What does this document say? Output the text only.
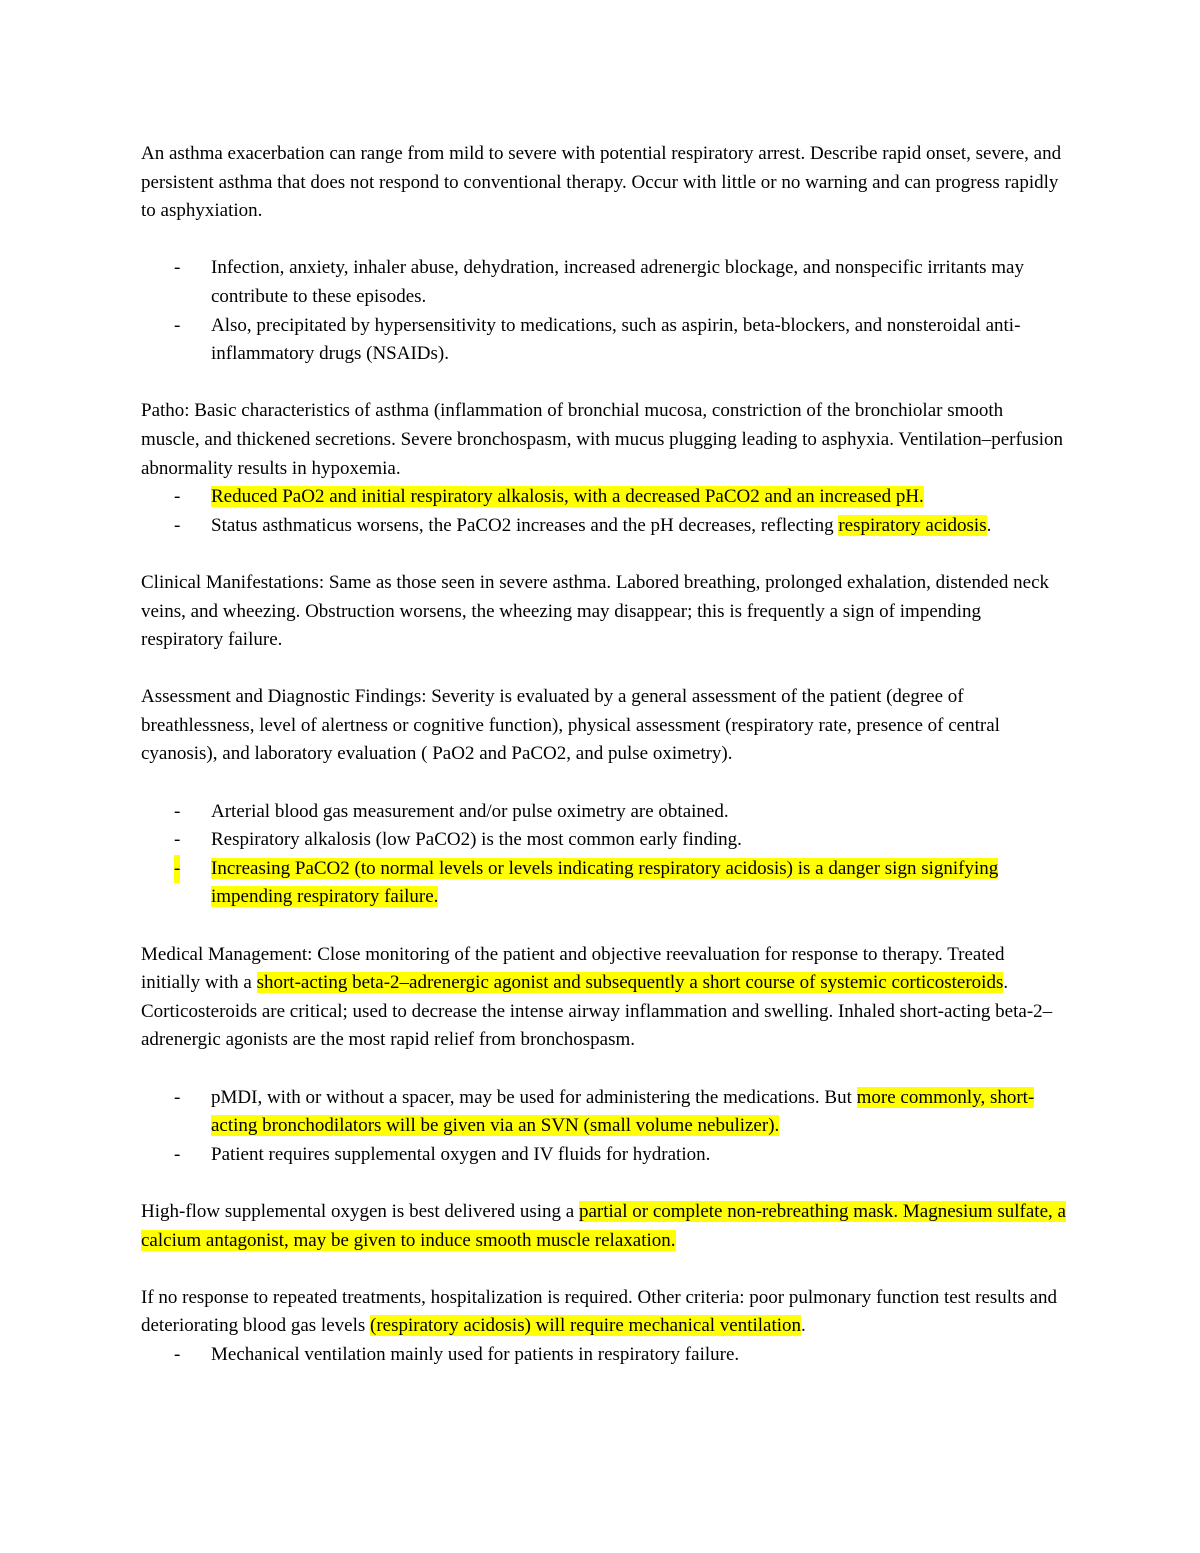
An asthma exacerbation can range from mild to severe with potential respiratory arrest. Describe rapid onset, severe, and persistent asthma that does not respond to conventional therapy. Occur with little or no warning and can progress rapidly to asphyxiation.

- Infection, anxiety, inhaler abuse, dehydration, increased adrenergic blockage, and nonspecific irritants may contribute to these episodes.
- Also, precipitated by hypersensitivity to medications, such as aspirin, beta-blockers, and nonsteroidal anti-inflammatory drugs (NSAIDs).

Patho: Basic characteristics of asthma (inflammation of bronchial mucosa, constriction of the bronchiolar smooth muscle, and thickened secretions. Severe bronchospasm, with mucus plugging leading to asphyxia. Ventilation–perfusion abnormality results in hypoxemia.

- Reduced PaO2 and initial respiratory alkalosis, with a decreased PaCO2 and an increased pH.
- Status asthmaticus worsens, the PaCO2 increases and the pH decreases, reflecting respiratory acidosis.

Clinical Manifestations: Same as those seen in severe asthma. Labored breathing, prolonged exhalation, distended neck veins, and wheezing. Obstruction worsens, the wheezing may disappear; this is frequently a sign of impending respiratory failure.

Assessment and Diagnostic Findings: Severity is evaluated by a general assessment of the patient (degree of breathlessness, level of alertness or cognitive function), physical assessment (respiratory rate, presence of central cyanosis), and laboratory evaluation ( PaO2 and PaCO2, and pulse oximetry).

- Arterial blood gas measurement and/or pulse oximetry are obtained.
- Respiratory alkalosis (low PaCO2) is the most common early finding.
- Increasing PaCO2 (to normal levels or levels indicating respiratory acidosis) is a danger sign signifying impending respiratory failure.

Medical Management: Close monitoring of the patient and objective reevaluation for response to therapy. Treated initially with a short-acting beta-2–adrenergic agonist and subsequently a short course of systemic corticosteroids. Corticosteroids are critical; used to decrease the intense airway inflammation and swelling. Inhaled short-acting beta-2–adrenergic agonists are the most rapid relief from bronchospasm.

- pMDI, with or without a spacer, may be used for administering the medications. But more commonly, short-acting bronchodilators will be given via an SVN (small volume nebulizer).
- Patient requires supplemental oxygen and IV fluids for hydration.

High-flow supplemental oxygen is best delivered using a partial or complete non-rebreathing mask. Magnesium sulfate, a calcium antagonist, may be given to induce smooth muscle relaxation.

If no response to repeated treatments, hospitalization is required. Other criteria: poor pulmonary function test results and deteriorating blood gas levels (respiratory acidosis) will require mechanical ventilation.

- Mechanical ventilation mainly used for patients in respiratory failure.
